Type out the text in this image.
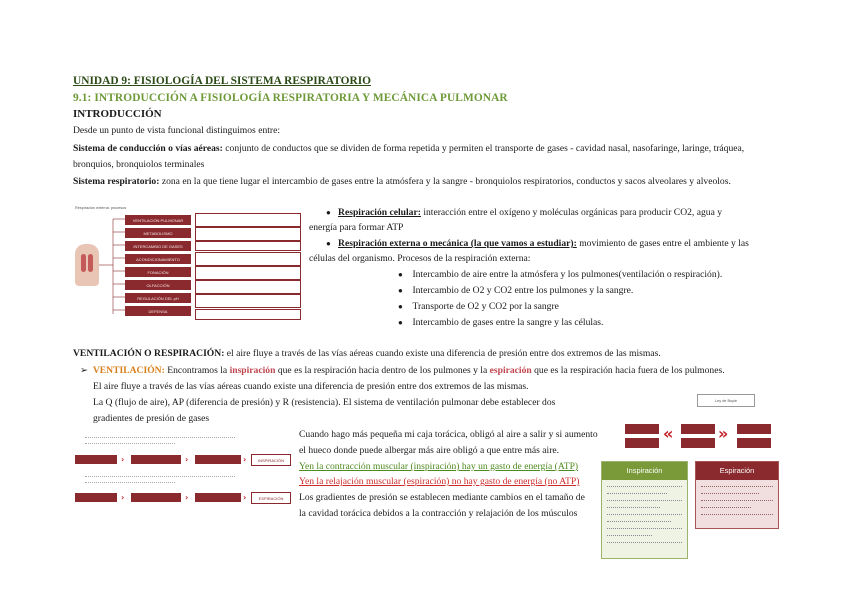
UNIDAD 9: FISIOLOGÍA DEL SISTEMA RESPIRATORIO
9.1: INTRODUCCIÓN A FISIOLOGÍA RESPIRATORIA Y MECÁNICA PULMONAR
INTRODUCCIÓN
Desde un punto de vista funcional distinguimos entre:
Sistema de conducción o vías aéreas: conjunto de conductos que se dividen de forma repetida y permiten el transporte de gases - cavidad nasal, nasofaringe, laringe, tráquea,
bronquios, bronquiolos terminales
Sistema respiratorio: zona en la que tiene lugar el intercambio de gases entre la atmósfera y la sangre - bronquiolos respiratorios, conductos y sacos alveolares y alveolos.
Respiración externa: procesos
VENTILACIÓN PULMONAR
METABOLISMO
INTERCAMBIO DE GASES
ACONDICIONAMIENTO
FONACIÓN
OLFACCIÓN
REGULACIÓN DEL pH
DEFENSA
● Respiración celular: interacción entre el oxígeno y moléculas orgánicas para producir CO2, agua y
energía para formar ATP
● Respiración externa o mecánica (la que vamos a estudiar): movimiento de gases entre el ambiente y las
células del organismo. Procesos de la respiración externa:
● Intercambio de aire entre la atmósfera y los pulmones(ventilación o respiración).
● Intercambio de O2 y CO2 entre los pulmones y la sangre.
● Transporte de O2 y CO2 por la sangre
● Intercambio de gases entre la sangre y las células.
VENTILACIÓN O RESPIRACIÓN: el aire fluye a través de las vías aéreas cuando existe una diferencia de presión entre dos extremos de las mismas.
➢ VENTILACIÓN: Encontramos la inspiración que es la respiración hacia dentro de los pulmones y la espiración que es la respiración hacia fuera de los pulmones.
El aire fluye a través de las vías aéreas cuando existe una diferencia de presión entre dos extremos de las mismas.
La Q (flujo de aire), AP (diferencia de presión) y R (resistencia). El sistema de ventilación pulmonar debe establecer dos
gradientes de presión de gases
Ley de Boyle
›	›	›	INSPIRACIÓN
›	›	›	ESPIRACIÓN
Cuando hago más pequeña mi caja torácica, obligó al aire a salir y si aumento
el hueco donde puede albergar más aire obligó a que entre más aire.
Yen la contracción muscular (inspiración) hay un gasto de energía (ATP)
Yen la relajación muscular (espiración) no hay gasto de energía (no ATP)
Los gradientes de presión se establecen mediante cambios en el tamaño de
la cavidad torácica debidos a la contracción y relajación de los músculos
«	»
Inspiración	Espiración
